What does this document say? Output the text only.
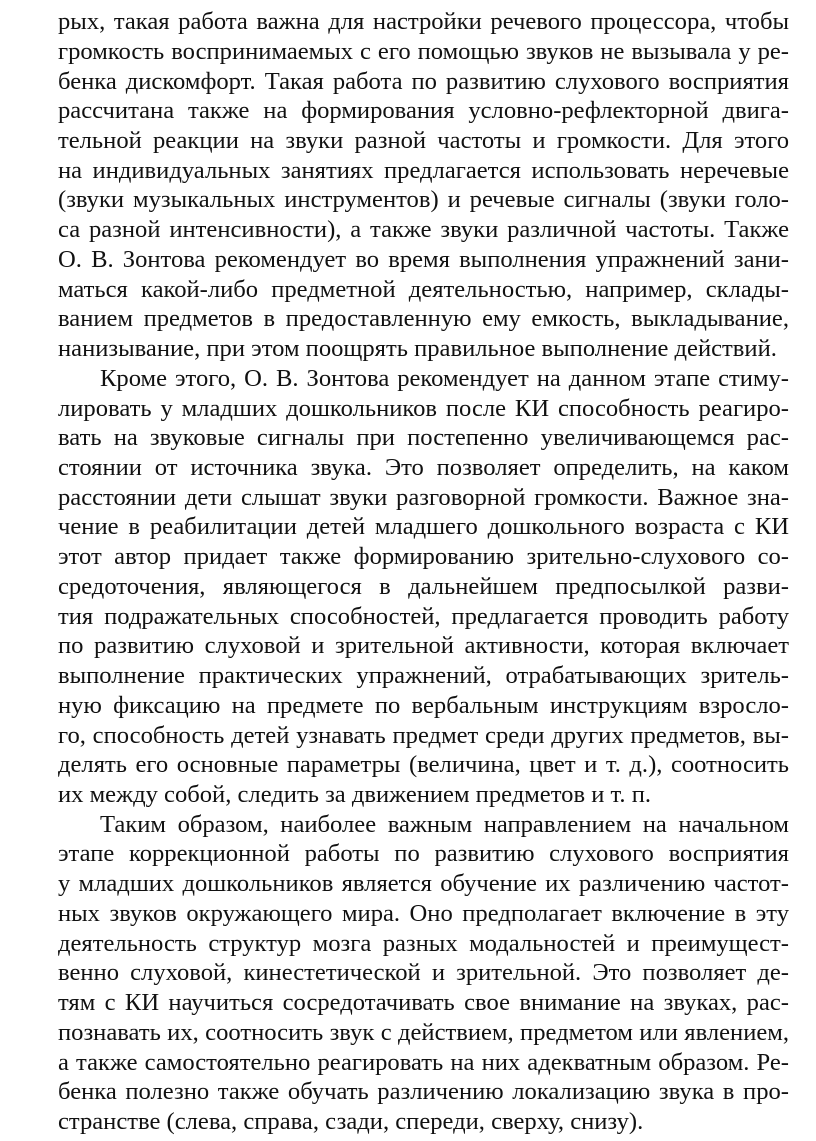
рых, такая работа важна для настройки речевого процессора, чтобы

громкость воспринимаемых с его помощью звуков не вызывала у ре-

бенка дискомфорт. Такая работа по развитию слухового восприятия

рассчитана также на формирования условно-рефлекторной двига-

тельной реакции на звуки разной частоты и громкости. Для этого

на индивидуальных занятиях предлагается использовать неречевые

(звуки музыкальных инструментов) и речевые сигналы (звуки голо-

са разной интенсивности), а также звуки различной частоты. Также

О. В. Зонтова рекомендует во время выполнения упражнений зани-

маться какой-либо предметной деятельностью, например, склады-

ванием предметов в предоставленную ему емкость, выкладывание,

нанизывание, при этом поощрять правильное выполнение действий.

Кроме этого, О. В. Зонтова рекомендует на данном этапе стиму-

лировать у младших дошкольников после КИ способность реагиро-

вать на звуковые сигналы при постепенно увеличивающемся рас-

стоянии от источника звука. Это позволяет определить, на каком

расстоянии дети слышат звуки разговорной громкости. Важное зна-

чение в реабилитации детей младшего дошкольного возраста с КИ

этот автор придает также формированию зрительно-слухового со-

средоточения, являющегося в дальнейшем предпосылкой разви-

тия подражательных способностей, предлагается проводить работу

по развитию слуховой и зрительной активности, которая включает

выполнение практических упражнений, отрабатывающих зритель-

ную фиксацию на предмете по вербальным инструкциям взросло-

го, способность детей узнавать предмет среди других предметов, вы-

делять его основные параметры (величина, цвет и т. д.), соотносить

их между собой, следить за движением предметов и т. п.

Таким образом, наиболее важным направлением на начальном

этапе коррекционной работы по развитию слухового восприятия

у младших дошкольников является обучение их различению частот-

ных звуков окружающего мира. Оно предполагает включение в эту

деятельность структур мозга разных модальностей и преимущест-

венно слуховой, кинестетической и зрительной. Это позволяет де-

тям с КИ научиться сосредотачивать свое внимание на звуках, рас-

познавать их, соотносить звук с действием, предметом или явлением,

а также самостоятельно реагировать на них адекватным образом. Ре-

бенка полезно также обучать различению локализацию звука в про-

странстве (слева, справа, сзади, спереди, сверху, снизу).
